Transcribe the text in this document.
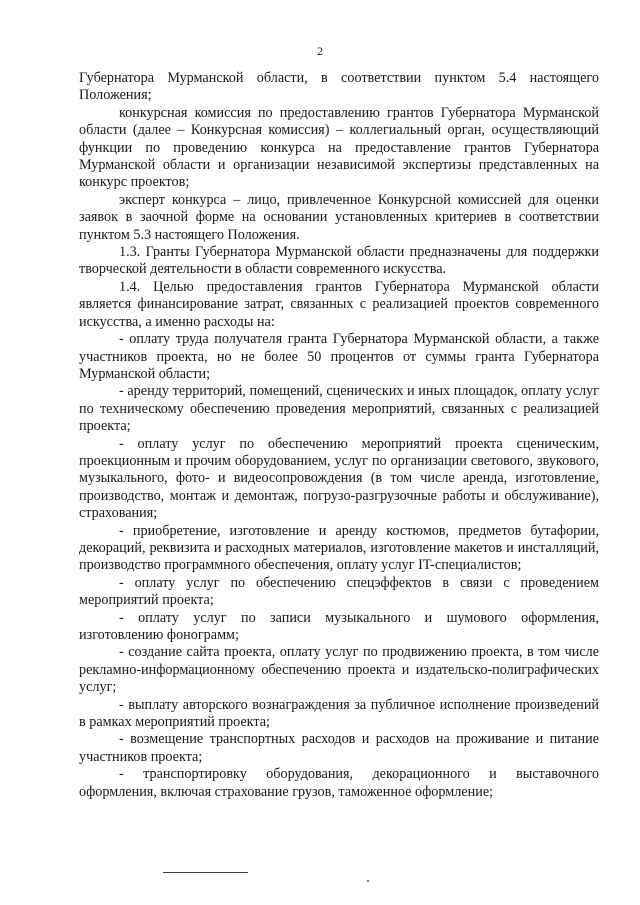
2

Губернатора Мурманской области, в соответствии пунктом 5.4 настоящего Положения;

конкурсная комиссия по предоставлению грантов Губернатора Мурманской области (далее – Конкурсная комиссия) – коллегиальный орган, осуществляющий функции по проведению конкурса на предоставление грантов Губернатора Мурманской области и организации независимой экспертизы представленных на конкурс проектов;

эксперт конкурса – лицо, привлеченное Конкурсной комиссией для оценки заявок в заочной форме на основании установленных критериев в соответствии пунктом 5.3 настоящего Положения.

1.3. Гранты Губернатора Мурманской области предназначены для поддержки творческой деятельности в области современного искусства.

1.4. Целью предоставления грантов Губернатора Мурманской области является финансирование затрат, связанных с реализацией проектов современного искусства, а именно расходы на:

- оплату труда получателя гранта Губернатора Мурманской области, а также участников проекта, но не более 50 процентов от суммы гранта Губернатора Мурманской области;

- аренду территорий, помещений, сценических и иных площадок, оплату услуг по техническому обеспечению проведения мероприятий, связанных с реализацией проекта;

- оплату услуг по обеспечению мероприятий проекта сценическим, проекционным и прочим оборудованием, услуг по организации светового, звукового, музыкального, фото- и видеосопровождения (в том числе аренда, изготовление, производство, монтаж и демонтаж, погрузо-разгрузочные работы и обслуживание), страхования;

- приобретение, изготовление и аренду костюмов, предметов бутафории, декораций, реквизита и расходных материалов, изготовление макетов и инсталляций, производство программного обеспечения, оплату услуг IT-специалистов;

- оплату услуг по обеспечению спецэффектов в связи с проведением мероприятий проекта;

- оплату услуг по записи музыкального и шумового оформления, изготовлению фонограмм;

- создание сайта проекта, оплату услуг по продвижению проекта, в том числе рекламно-информационному обеспечению проекта и издательско-полиграфических услуг;

- выплату авторского вознаграждения за публичное исполнение произведений в рамках мероприятий проекта;

- возмещение транспортных расходов и расходов на проживание и питание участников проекта;

- транспортировку оборудования, декорационного и выставочного оформления, включая страхование грузов, таможенное оформление;
